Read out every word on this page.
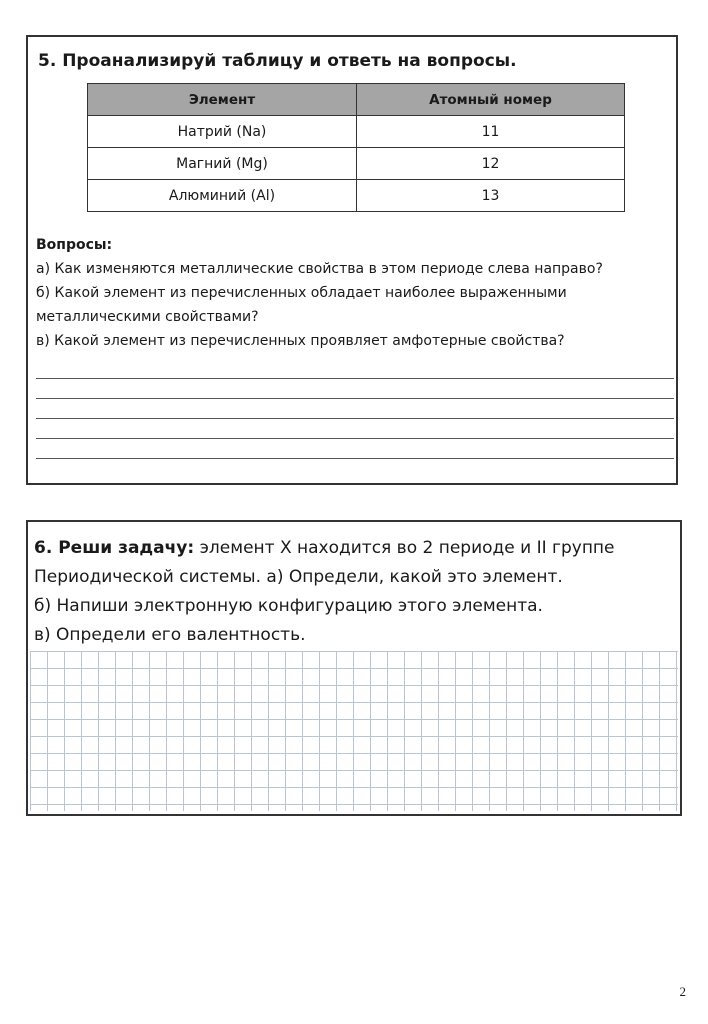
5. Проанализируй таблицу и ответь на вопросы.
Элемент	Атомный номер
Натрий (Na)	11
Магний (Mg)	12
Алюминий (Al)	13

Вопросы:

а) Как изменяются металлические свойства в этом периоде слева направо?

б) Какой элемент из перечисленных обладает наиболее выраженными металлическими свойствами?

в) Какой элемент из перечисленных проявляет амфотерные свойства?

6. Реши задачу: элемент X находится во 2 периоде и II группе

Периодической системы. а) Определи, какой это элемент.

б) Напиши электронную конфигурацию этого элемента.

в) Определи его валентность.

2
